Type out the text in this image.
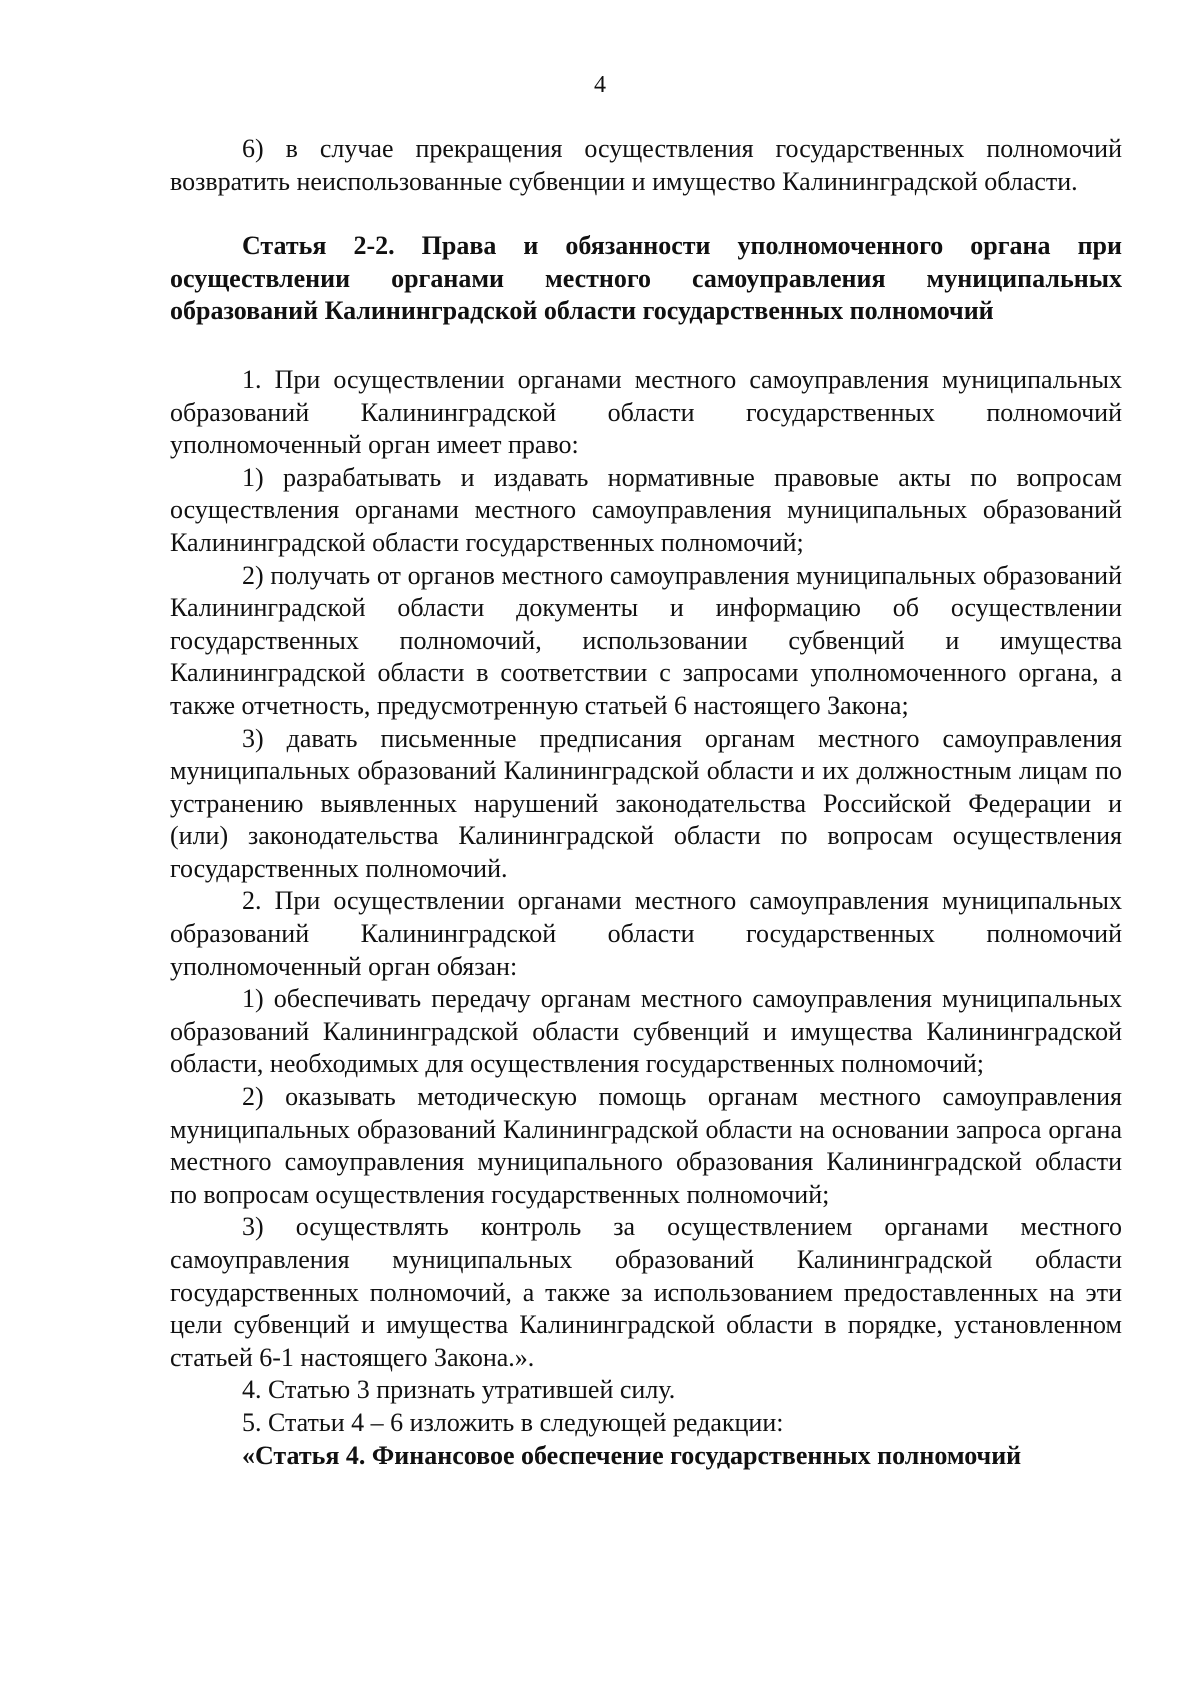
4

6) в случае прекращения осуществления государственных полномочий возвратить неиспользованные субвенции и имущество Калининградской области.

Статья 2-2. Права и обязанности уполномоченного органа при осуществлении органами местного самоуправления муниципальных образований Калининградской области государственных полномочий

1. При осуществлении органами местного самоуправления муниципальных образований Калининградской области государственных полномочий уполномоченный орган имеет право:

1) разрабатывать и издавать нормативные правовые акты по вопросам осуществления органами местного самоуправления муниципальных образований Калининградской области государственных полномочий;

2) получать от органов местного самоуправления муниципальных образований Калининградской области документы и информацию об осуществлении государственных полномочий, использовании субвенций и имущества Калининградской области в соответствии с запросами уполномоченного органа, а также отчетность, предусмотренную статьей 6 настоящего Закона;

3) давать письменные предписания органам местного самоуправления муниципальных образований Калининградской области и их должностным лицам по устранению выявленных нарушений законодательства Российской Федерации и (или) законодательства Калининградской области по вопросам осуществления государственных полномочий.

2. При осуществлении органами местного самоуправления муниципальных образований Калининградской области государственных полномочий уполномоченный орган обязан:

1) обеспечивать передачу органам местного самоуправления муниципальных образований Калининградской области субвенций и имущества Калининградской области, необходимых для осуществления государственных полномочий;

2) оказывать методическую помощь органам местного самоуправления муниципальных образований Калининградской области на основании запроса органа местного самоуправления муниципального образования Калининградской области по вопросам осуществления государственных полномочий;

3) осуществлять контроль за осуществлением органами местного самоуправления муниципальных образований Калининградской области государственных полномочий, а также за использованием предоставленных на эти цели субвенций и имущества Калининградской области в порядке, установленном статьей 6-1 настоящего Закона.».

4. Статью 3 признать утратившей силу.

5. Статьи 4 – 6 изложить в следующей редакции:

«Статья 4. Финансовое обеспечение государственных полномочий
